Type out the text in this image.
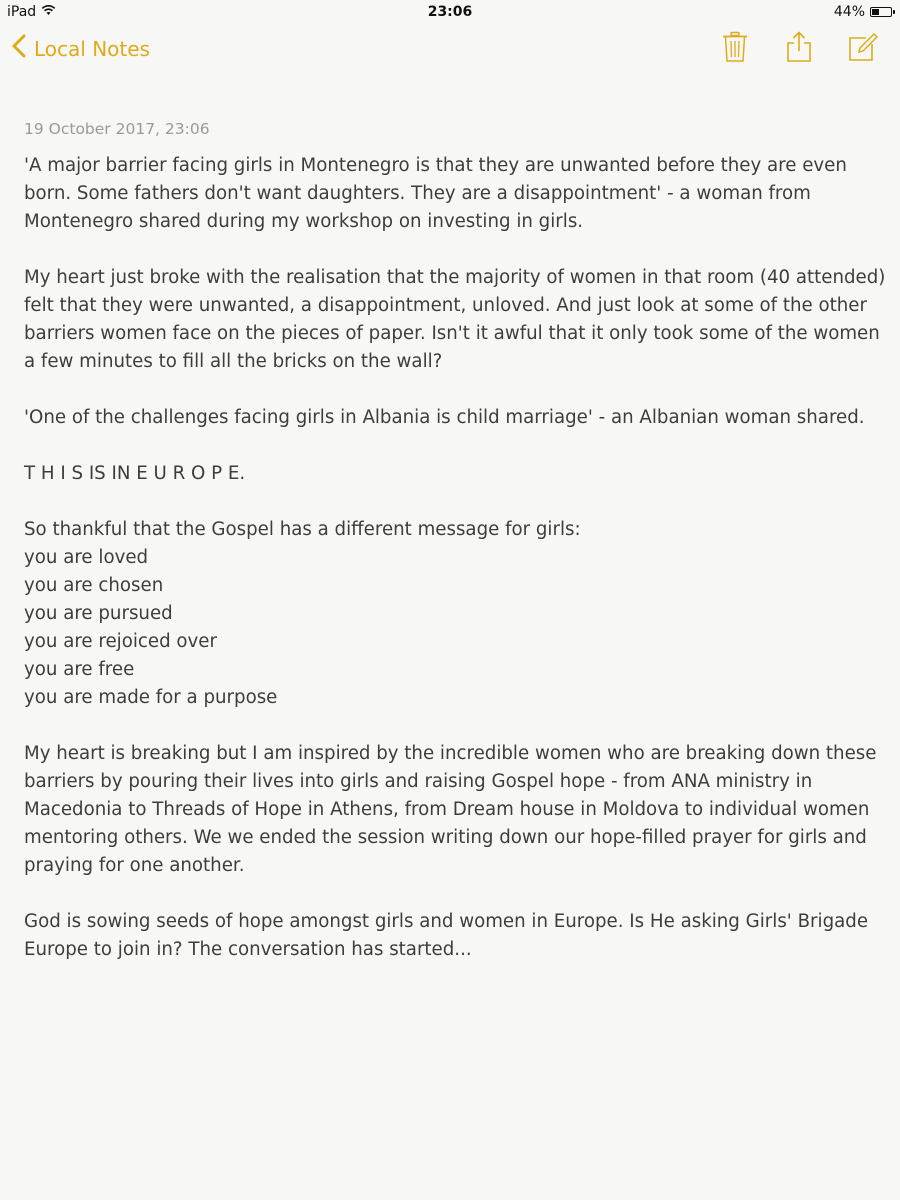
iPad	23:06	44%
Local Notes

19 October 2017, 23:06

'A major barrier facing girls in Montenegro is that they are unwanted before they are even born. Some fathers don't want daughters. They are a disappointment' - a woman from Montenegro shared during my workshop on investing in girls.

My heart just broke with the realisation that the majority of women in that room (40 attended) felt that they were unwanted, a disappointment, unloved. And just look at some of the other barriers women face on the pieces of paper. Isn't it awful that it only took some of the women a few minutes to fill all the bricks on the wall?

'One of the challenges facing girls in Albania is child marriage' - an Albanian woman shared.

T H I S IS IN E U R O P E.

So thankful that the Gospel has a different message for girls:
you are loved
you are chosen
you are pursued
you are rejoiced over
you are free
you are made for a purpose

My heart is breaking but I am inspired by the incredible women who are breaking down these barriers by pouring their lives into girls and raising Gospel hope - from ANA ministry in Macedonia to Threads of Hope in Athens, from Dream house in Moldova to individual women mentoring others. We we ended the session writing down our hope-filled prayer for girls and praying for one another.

God is sowing seeds of hope amongst girls and women in Europe. Is He asking Girls' Brigade Europe to join in? The conversation has started...
